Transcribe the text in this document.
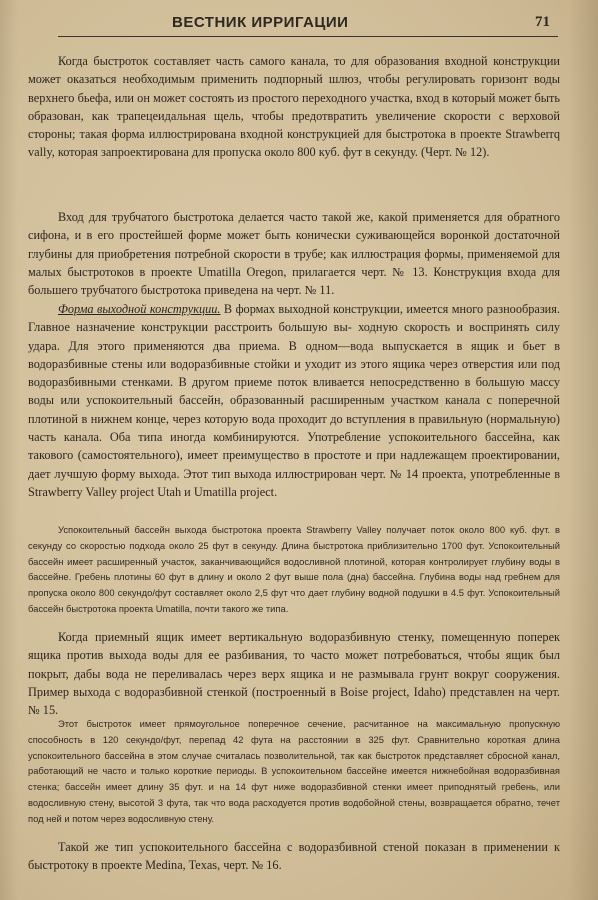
ВЕСТНИК ИРРИГАЦИИ	71

Когда быстроток составляет часть самого канала, то для образования входной конструкции может оказаться необходимым применить подпорный шлюз, чтобы регулировать горизонт воды верхнего бьефа, или он может состоять из простого переходного участка, вход в который может быть образован, как трапецеидальная щель, чтобы предотвратить увеличение скорости с верховой стороны; такая форма иллюстрирована входной конструкцией для быстротока в проекте Strawberrq vally, которая запроектирована для пропуска около 800 куб. фут в секунду. (Черт. № 12).

Вход для трубчатого быстротока делается часто такой же, какой применяется для обратного сифона, и в его простейшей форме может быть конически суживающейся воронкой достаточной глубины для приобретения потребной скорости в трубе; как иллюстрация формы, применяемой для малых быстротоков в проекте Umatilla Oregon, прилагается черт. № 13. Конструкция входа для большего трубчатого быстротока приведена на черт. № 11.

Форма выходной конструкции. В формах выходной конструкции, имеется много разнообразия. Главное назначение конструкции расстроить большую вы- ходную скорость и воспринять силу удара. Для этого применяются два приема. В одном—вода выпускается в ящик и бьет в водоразбивные стены или водоразбивные стойки и уходит из этого ящика через отверстия или под водоразбивными стенками. В другом приеме поток вливается непосредственно в большую массу воды или успокоительный бассейн, образованный расширенным участком канала с поперечной плотиной в нижнем конце, через которую вода проходит до вступления в правильную (нормальную) часть канала. Оба типа иногда комбинируются. Употребление успокоительного бассейна, как такового (самостоятельного), имеет преимущество в простоте и при надлежащем проектировании, дает лучшую форму выхода. Этот тип выхода иллюстрирован черт. № 14 проекта, употребленные в Strawberry Valley project Utah и Umatilla project.

Успокоительный бассейн выхода быстротока проекта Strawberry Valley получает поток около 800 куб. фут. в секунду со скоростью подхода около 25 фут в секунду. Длина быстротока приблизительно 1700 фут. Успокоительный бассейн имеет расширенный участок, заканчивающийся водосливной плотиной, которая контролирует глубину воды в бассейне. Гребень плотины 60 фут в длину и около 2 фут выше пола (дна) бассейна. Глубина воды над гребнем для пропуска около 800 секундо/фут составляет около 2,5 фут что дает глубину водной подушки в 4.5 фут. Успокоительный бассейн быстротока проекта Umatilla, почти такого же типа.

Когда приемный ящик имеет вертикальную водоразбивную стенку, помещенную поперек ящика против выхода воды для ее разбивания, то часто может потребоваться, чтобы ящик был покрыт, дабы вода не переливалась через верх ящика и не размывала грунт вокруг сооружения. Пример выхода с водоразбивной стенкой (построенный в Boise project, Idaho) представлен на черт. № 15.

Этот быстроток имеет прямоугольное поперечное сечение, расчитанное на максимальную пропускную способность в 120 секундо/фут, перепад 42 фута на расстоянии в 325 фут. Сравнительно короткая длина успокоительного бассейна в этом случае считалась позволительной, так как быстроток представляет сбросной канал, работающий не часто и только короткие периоды. В успокоительном бассейне имеется нижнебойная водоразбивная стенка; бассейн имеет длину 35 фут. и на 14 фут ниже водоразбивной стенки имеет приподнятый гребень, или водосливную стену, высотой 3 фута, так что вода расходуется против водобойной стены, возвращается обратно, течет под ней и потом через водосливную стену.

Такой же тип успокоительного бассейна с водоразбивной стеной показан в применении к быстротоку в проекте Medina, Texas, черт. № 16.
